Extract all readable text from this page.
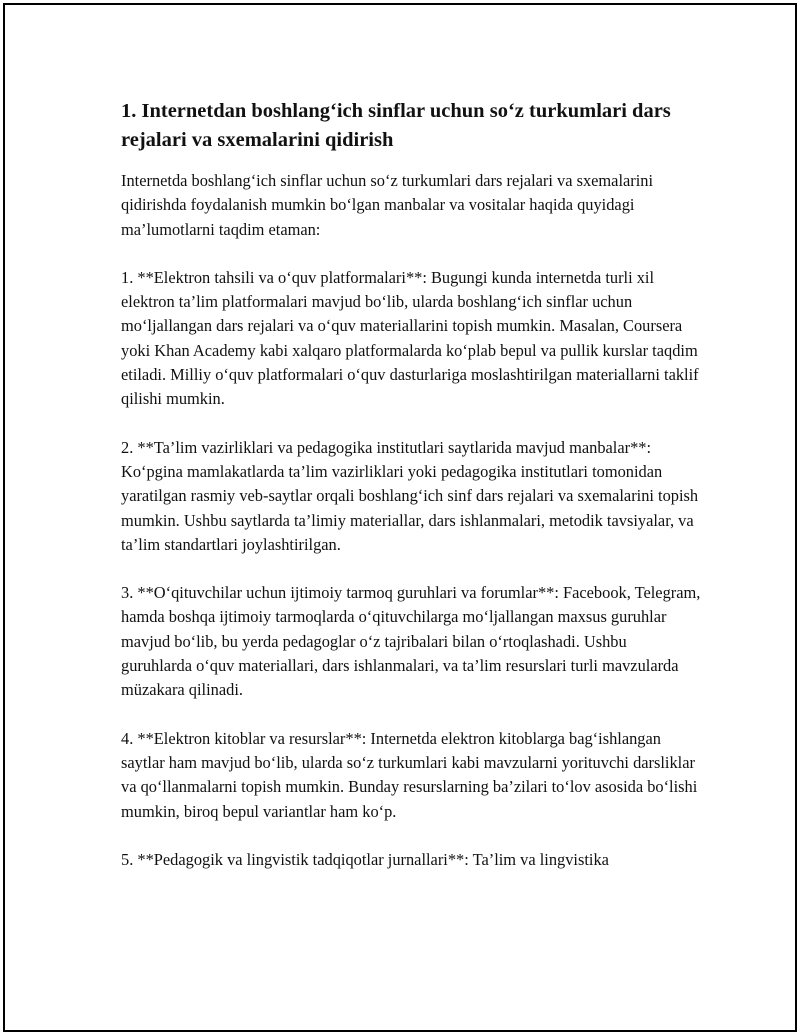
1. Internetdan boshlang‘ich sinflar uchun so‘z turkumlari dars rejalari va sxemalarini qidirish

Internetda boshlang‘ich sinflar uchun so‘z turkumlari dars rejalari va sxemalarini qidirishda foydalanish mumkin bo‘lgan manbalar va vositalar haqida quyidagi ma’lumotlarni taqdim etaman:

1. **Elektron tahsili va o‘quv platformalari**: Bugungi kunda internetda turli xil elektron ta’lim platformalari mavjud bo‘lib, ularda boshlang‘ich sinflar uchun mo‘ljallangan dars rejalari va o‘quv materiallarini topish mumkin. Masalan, Coursera yoki Khan Academy kabi xalqaro platformalarda ko‘plab bepul va pullik kurslar taqdim etiladi. Milliy o‘quv platformalari o‘quv dasturlariga moslashtirilgan materiallarni taklif qilishi mumkin.

2. **Ta’lim vazirliklari va pedagogika institutlari saytlarida mavjud manbalar**: Ko‘pgina mamlakatlarda ta’lim vazirliklari yoki pedagogika institutlari tomonidan yaratilgan rasmiy veb-saytlar orqali boshlang‘ich sinf dars rejalari va sxemalarini topish mumkin. Ushbu saytlarda ta’limiy materiallar, dars ishlanmalari, metodik tavsiyalar, va ta’lim standartlari joylashtirilgan.

3. **O‘qituvchilar uchun ijtimoiy tarmoq guruhlari va forumlar**: Facebook, Telegram, hamda boshqa ijtimoiy tarmoqlarda o‘qituvchilarga mo‘ljallangan maxsus guruhlar mavjud bo‘lib, bu yerda pedagoglar o‘z tajribalari bilan o‘rtoqlashadi. Ushbu guruhlarda o‘quv materiallari, dars ishlanmalari, va ta’lim resurslari turli mavzularda müzakara qilinadi.

4. **Elektron kitoblar va resurslar**: Internetda elektron kitoblarga bag‘ishlangan saytlar ham mavjud bo‘lib, ularda so‘z turkumlari kabi mavzularni yorituvchi darsliklar va qo‘llanmalarni topish mumkin. Bunday resurslarning ba’zilari to‘lov asosida bo‘lishi mumkin, biroq bepul variantlar ham ko‘p.

5. **Pedagogik va lingvistik tadqiqotlar jurnallari**: Ta’lim va lingvistika
